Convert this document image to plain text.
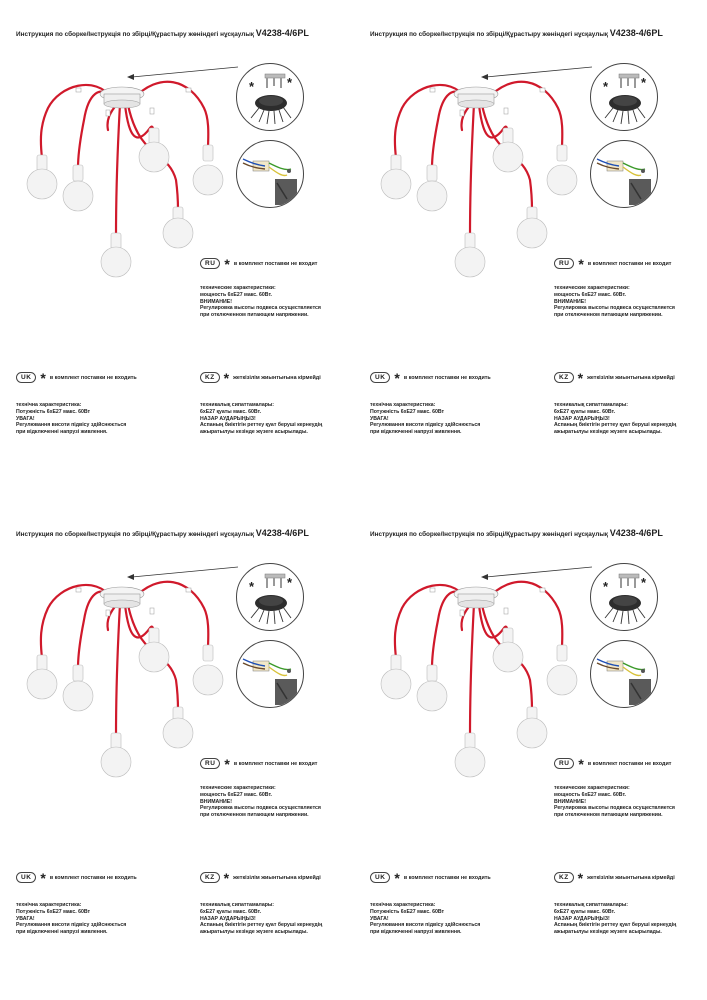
Инструкция по сборке/Інструкція по збірці/Құрастыру жөніндегі нұсқаулық V4238-4/6PL
*	*
RU * в комплект поставки не входит

технические характеристики:

мощность 6хЕ27 макс. 60Вт.

ВНИМАНИЕ!

Регулировка высоты подвеса осуществляется

при отключенном питающем напряжении.

UK * в комплект поставки не входить

технічна характеристика:

Потужність 6хЕ27 макс. 60Вт

УВАГА!

Регулювання висоти підвісу здійснюється

при відключенні напрузі живлення.

KZ * жеткізілім жиынтығына кірмейді

техникалық сипаттамалары:

6хЕ27 қуаты макс. 60Вт.

НАЗАР АУДАРЫҢЫЗ!

Аспаның биіктігін реттеу қуат беруші кернеудің

ажыратылуы кезінде жүзеге асырылады.

Инструкция по сборке/Інструкція по збірці/Құрастыру жөніндегі нұсқаулық V4238-4/6PL
*	*
RU * в комплект поставки не входит

технические характеристики:

мощность 6хЕ27 макс. 60Вт.

ВНИМАНИЕ!

Регулировка высоты подвеса осуществляется

при отключенном питающем напряжении.

UK * в комплект поставки не входить

технічна характеристика:

Потужність 6хЕ27 макс. 60Вт

УВАГА!

Регулювання висоти підвісу здійснюється

при відключенні напрузі живлення.

KZ * жеткізілім жиынтығына кірмейді

техникалық сипаттамалары:

6хЕ27 қуаты макс. 60Вт.

НАЗАР АУДАРЫҢЫЗ!

Аспаның биіктігін реттеу қуат беруші кернеудің

ажыратылуы кезінде жүзеге асырылады.

Инструкция по сборке/Інструкція по збірці/Құрастыру жөніндегі нұсқаулық V4238-4/6PL
*	*
RU * в комплект поставки не входит

технические характеристики:

мощность 6хЕ27 макс. 60Вт.

ВНИМАНИЕ!

Регулировка высоты подвеса осуществляется

при отключенном питающем напряжении.

UK * в комплект поставки не входить

технічна характеристика:

Потужність 6хЕ27 макс. 60Вт

УВАГА!

Регулювання висоти підвісу здійснюється

при відключенні напрузі живлення.

KZ * жеткізілім жиынтығына кірмейді

техникалық сипаттамалары:

6хЕ27 қуаты макс. 60Вт.

НАЗАР АУДАРЫҢЫЗ!

Аспаның биіктігін реттеу қуат беруші кернеудің

ажыратылуы кезінде жүзеге асырылады.

Инструкция по сборке/Інструкція по збірці/Құрастыру жөніндегі нұсқаулық V4238-4/6PL
*	*
RU * в комплект поставки не входит

технические характеристики:

мощность 6хЕ27 макс. 60Вт.

ВНИМАНИЕ!

Регулировка высоты подвеса осуществляется

при отключенном питающем напряжении.

UK * в комплект поставки не входить

технічна характеристика:

Потужність 6хЕ27 макс. 60Вт

УВАГА!

Регулювання висоти підвісу здійснюється

при відключенні напрузі живлення.

KZ * жеткізілім жиынтығына кірмейді

техникалық сипаттамалары:

6хЕ27 қуаты макс. 60Вт.

НАЗАР АУДАРЫҢЫЗ!

Аспаның биіктігін реттеу қуат беруші кернеудің

ажыратылуы кезінде жүзеге асырылады.
